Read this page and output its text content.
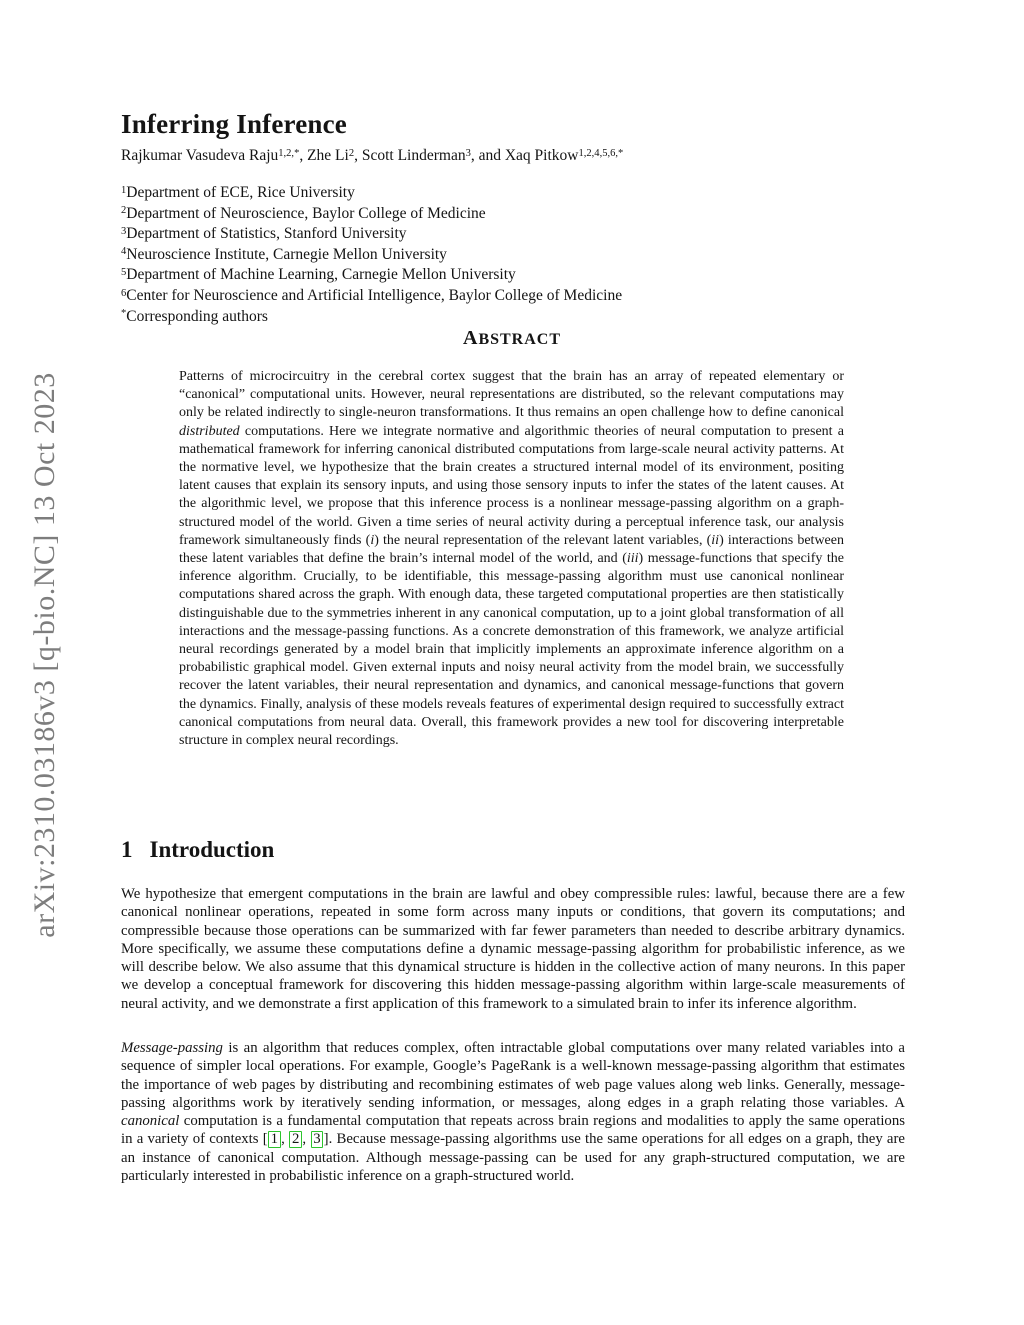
arXiv:2310.03186v3 [q-bio.NC] 13 Oct 2023
Inferring Inference
Rajkumar Vasudeva Raju$^{1,2,*}$, Zhe Li$^2$, Scott Linderman$^3$, and Xaq Pitkow$^{1,2,4,5,6,*}$
$^1$Department of ECE, Rice University
$^2$Department of Neuroscience, Baylor College of Medicine
$^3$Department of Statistics, Stanford University
$^4$Neuroscience Institute, Carnegie Mellon University
$^5$Department of Machine Learning, Carnegie Mellon University
$^6$Center for Neuroscience and Artificial Intelligence, Baylor College of Medicine
*Corresponding authors
ABSTRACT
Patterns of microcircuitry in the cerebral cortex suggest that the brain has an array of repeated elementary or “canonical” computational units. However, neural representations are distributed, so the relevant computations may only be related indirectly to single-neuron transformations. It thus remains an open challenge how to define canonical distributed computations. Here we integrate normative and algorithmic theories of neural computation to present a mathematical framework for inferring canonical distributed computations from large-scale neural activity patterns. At the normative level, we hypothesize that the brain creates a structured internal model of its environment, positing latent causes that explain its sensory inputs, and using those sensory inputs to infer the states of the latent causes. At the algorithmic level, we propose that this inference process is a nonlinear message-passing algorithm on a graph-structured model of the world. Given a time series of neural activity during a perceptual inference task, our analysis framework simultaneously finds (i) the neural representation of the relevant latent variables, (ii) interactions between these latent variables that define the brain’s internal model of the world, and (iii) message-functions that specify the inference algorithm. Crucially, to be identifiable, this message-passing algorithm must use canonical nonlinear computations shared across the graph. With enough data, these targeted computational properties are then statistically distinguishable due to the symmetries inherent in any canonical computation, up to a joint global transformation of all interactions and the message-passing functions. As a concrete demonstration of this framework, we analyze artificial neural recordings generated by a model brain that implicitly implements an approximate inference algorithm on a probabilistic graphical model. Given external inputs and noisy neural activity from the model brain, we successfully recover the latent variables, their neural representation and dynamics, and canonical message-functions that govern the dynamics. Finally, analysis of these models reveals features of experimental design required to successfully extract canonical computations from neural data. Overall, this framework provides a new tool for discovering interpretable structure in complex neural recordings.
1 Introduction
We hypothesize that emergent computations in the brain are lawful and obey compressible rules: lawful, because there are a few canonical nonlinear operations, repeated in some form across many inputs or conditions, that govern its computations; and compressible because those operations can be summarized with far fewer parameters than needed to describe arbitrary dynamics. More specifically, we assume these computations define a dynamic message-passing algorithm for probabilistic inference, as we will describe below. We also assume that this dynamical structure is hidden in the collective action of many neurons. In this paper we develop a conceptual framework for discovering this hidden message-passing algorithm within large-scale measurements of neural activity, and we demonstrate a first application of this framework to a simulated brain to infer its inference algorithm.
Message-passing is an algorithm that reduces complex, often intractable global computations over many related variables into a sequence of simpler local operations. For example, Google’s PageRank is a well-known message-passing algorithm that estimates the importance of web pages by distributing and recombining estimates of web page values along web links. Generally, message-passing algorithms work by iteratively sending information, or messages, along edges in a graph relating those variables. A canonical computation is a fundamental computation that repeats across brain regions and modalities to apply the same operations in a variety of contexts [ 1 , 2 , 3 ]. Because message-passing algorithms use the same operations for all edges on a graph, they are an instance of canonical computation. Although message-passing can be used for any graph-structured computation, we are particularly interested in probabilistic inference on a graph-structured world.
